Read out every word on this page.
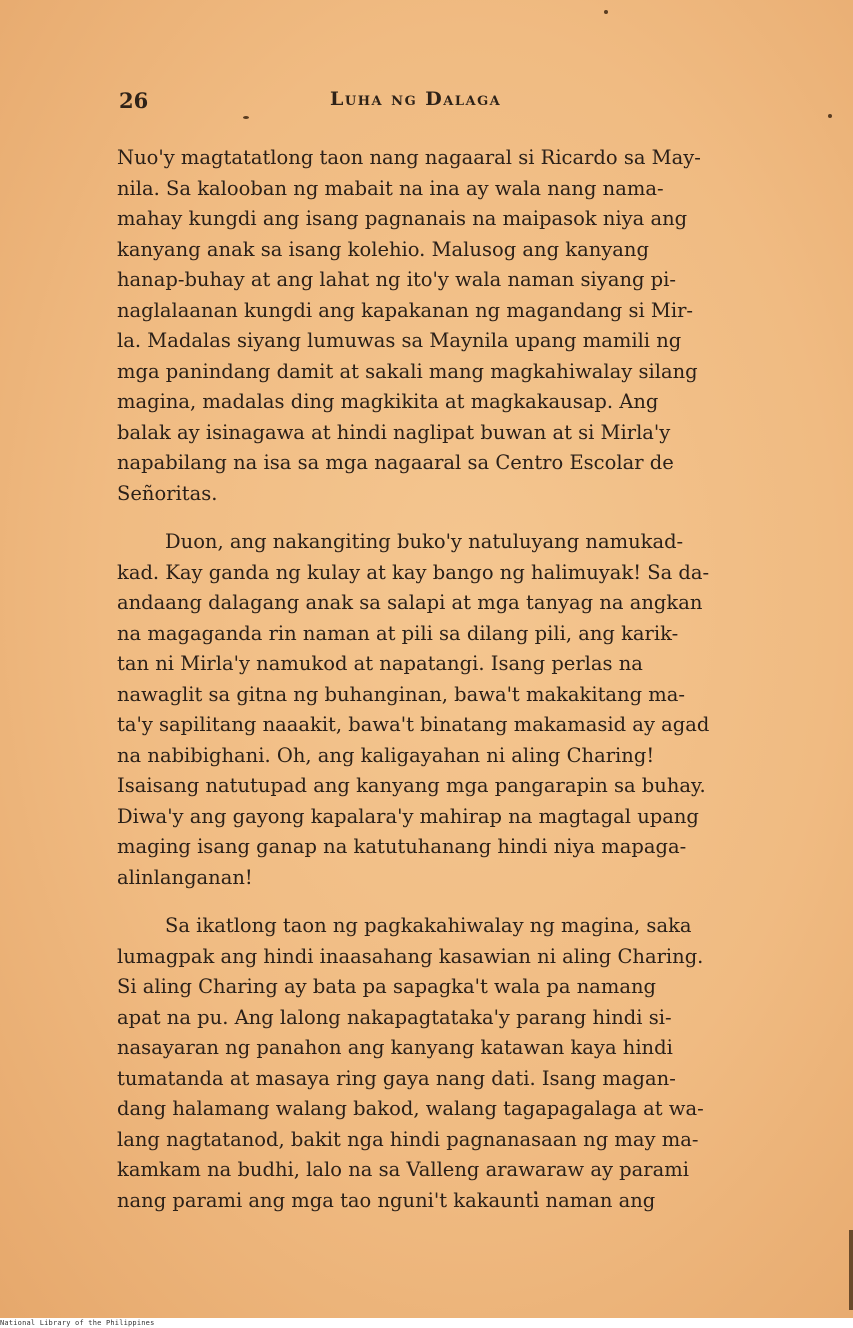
26	Luha ng Dalaga

Nuo'y magtatatlong taon nang nagaaral si Ricardo sa May-
nila. Sa kalooban ng mabait na ina ay wala nang nama-
mahay kungdi ang isang pagnanais na maipasok niya ang
kanyang anak sa isang kolehio. Malusog ang kanyang
hanap-buhay at ang lahat ng ito'y wala naman siyang pi-
naglalaanan kungdi ang kapakanan ng magandang si Mir-
la. Madalas siyang lumuwas sa Maynila upang mamili ng
mga panindang damit at sakali mang magkahiwalay silang
magina, madalas ding magkikita at magkakausap. Ang
balak ay isinagawa at hindi naglipat buwan at si Mirla'y
napabilang na isa sa mga nagaaral sa Centro Escolar de
Señoritas.

Duon, ang nakangiting buko'y natuluyang namukad-
kad. Kay ganda ng kulay at kay bango ng halimuyak! Sa da-
andaang dalagang anak sa salapi at mga tanyag na angkan
na magaganda rin naman at pili sa dilang pili, ang karik-
tan ni Mirla'y namukod at napatangi. Isang perlas na
nawaglit sa gitna ng buhanginan, bawa't makakitang ma-
ta'y sapilitang naaakit, bawa't binatang makamasid ay agad
na nabibighani. Oh, ang kaligayahan ni aling Charing!
Isaisang natutupad ang kanyang mga pangarapin sa buhay.
Diwa'y ang gayong kapalara'y mahirap na magtagal upang
maging isang ganap na katutuhanang hindi niya mapaga-
alinlanganan!

Sa ikatlong taon ng pagkakahiwalay ng magina, saka
lumagpak ang hindi inaasahang kasawian ni aling Charing.
Si aling Charing ay bata pa sapagka't wala pa namang
apat na pu. Ang lalong nakapagtataka'y parang hindi si-
nasayaran ng panahon ang kanyang katawan kaya hindi
tumatanda at masaya ring gaya nang dati. Isang magan-
dang halamang walang bakod, walang tagapagalaga at wa-
lang nagtatanod, bakit nga hindi pagnanasaan ng may ma-
kamkam na budhi, lalo na sa Valleng arawaraw ay parami
nang parami ang mga tao nguni't kakaunti naman ang

National Library of the Philippines
